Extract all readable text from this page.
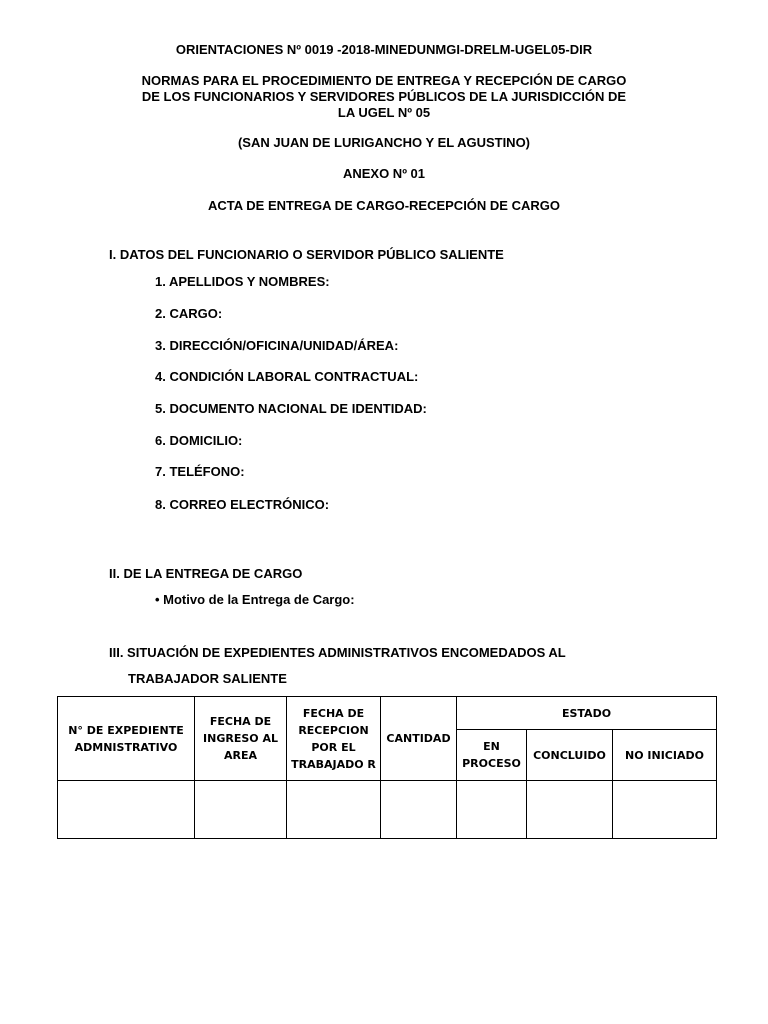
ORIENTACIONES Nº 0019 -2018-MINEDUNMGI-DRELM-UGEL05-DIR
NORMAS PARA EL PROCEDIMIENTO DE ENTREGA Y RECEPCIÓN DE CARGO
DE LOS FUNCIONARIOS Y SERVIDORES PÚBLICOS DE LA JURISDICCIÓN DE
LA UGEL Nº 05
(SAN JUAN DE LURIGANCHO Y EL AGUSTINO)
ANEXO Nº 01
ACTA DE ENTREGA DE CARGO-RECEPCIÓN DE CARGO
I. DATOS DEL FUNCIONARIO O SERVIDOR PÚBLICO SALIENTE
1. APELLIDOS Y NOMBRES:
2. CARGO:
3. DIRECCIÓN/OFICINA/UNIDAD/ÁREA:
4. CONDICIÓN LABORAL CONTRACTUAL:
5. DOCUMENTO NACIONAL DE IDENTIDAD:
6. DOMICILIO:
7. TELÉFONO:
8. CORREO ELECTRÓNICO:
II. DE LA ENTREGA DE CARGO
• Motivo de la Entrega de Cargo:
III. SITUACIÓN DE EXPEDIENTES ADMINISTRATIVOS ENCOMEDADOS AL
TRABAJADOR SALIENTE
N° DE EXPEDIENTE ADMNISTRATIVO	FECHA DE INGRESO AL AREA	FECHA DE RECEPCION POR EL TRABAJADO R	CANTIDAD	ESTADO		
				EN PROCESO	CONCLUIDO	NO INICIADO
